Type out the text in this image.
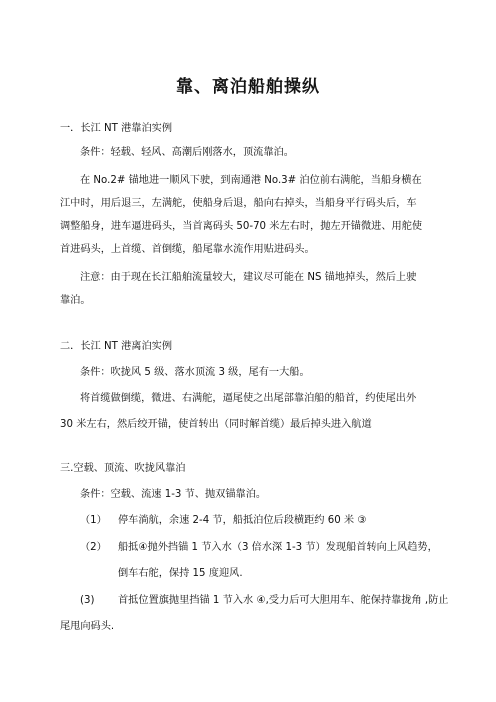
靠、离泊船舶操纵

一．长江 NT 港靠泊实例

条件：轻载、轻风、高潮后刚落水，顶流靠泊。

在 No.2# 锚地进一顺风下驶，到南通港 No.3# 泊位前右满舵，当船身横在

江中时，用后退三，左满舵，使船身后退，船向右掉头，当船身平行码头后，车

调整船身，进车逼进码头，当首离码头 50-70 米左右时，抛左开锚微进、用舵使

首进码头，上首缆、首倒缆，船尾靠水流作用贴进码头。

注意：由于现在长江船舶流量较大，建议尽可能在 NS 锚地掉头，然后上驶

靠泊。

二．长江 NT 港离泊实例

条件：吹拢风 5 级、落水顶流 3 级，尾有一大船。

将首缆做倒缆，微进、右满舵，逼尾使之出尾部靠泊船的船首，约使尾出外

30 米左右，然后绞开锚，使首转出（同时解首缆）最后掉头进入航道

三.空载、顶流、吹拢风靠泊

条件：空载、流速 1-3 节、抛双锚靠泊。

（1） 停车淌航，余速 2-4 节，船抵泊位后段横距约 60 米 ③

（2） 船抵④抛外挡锚 1 节入水（3 倍水深 1-3 节）发现船首转向上风趋势，

倒车右舵，保持 15 度迎风.

(3) 首抵位置旗抛里挡锚 1 节入水 ④,受力后可大胆用车、舵保持靠拢角 ,防止

尾甩向码头.
